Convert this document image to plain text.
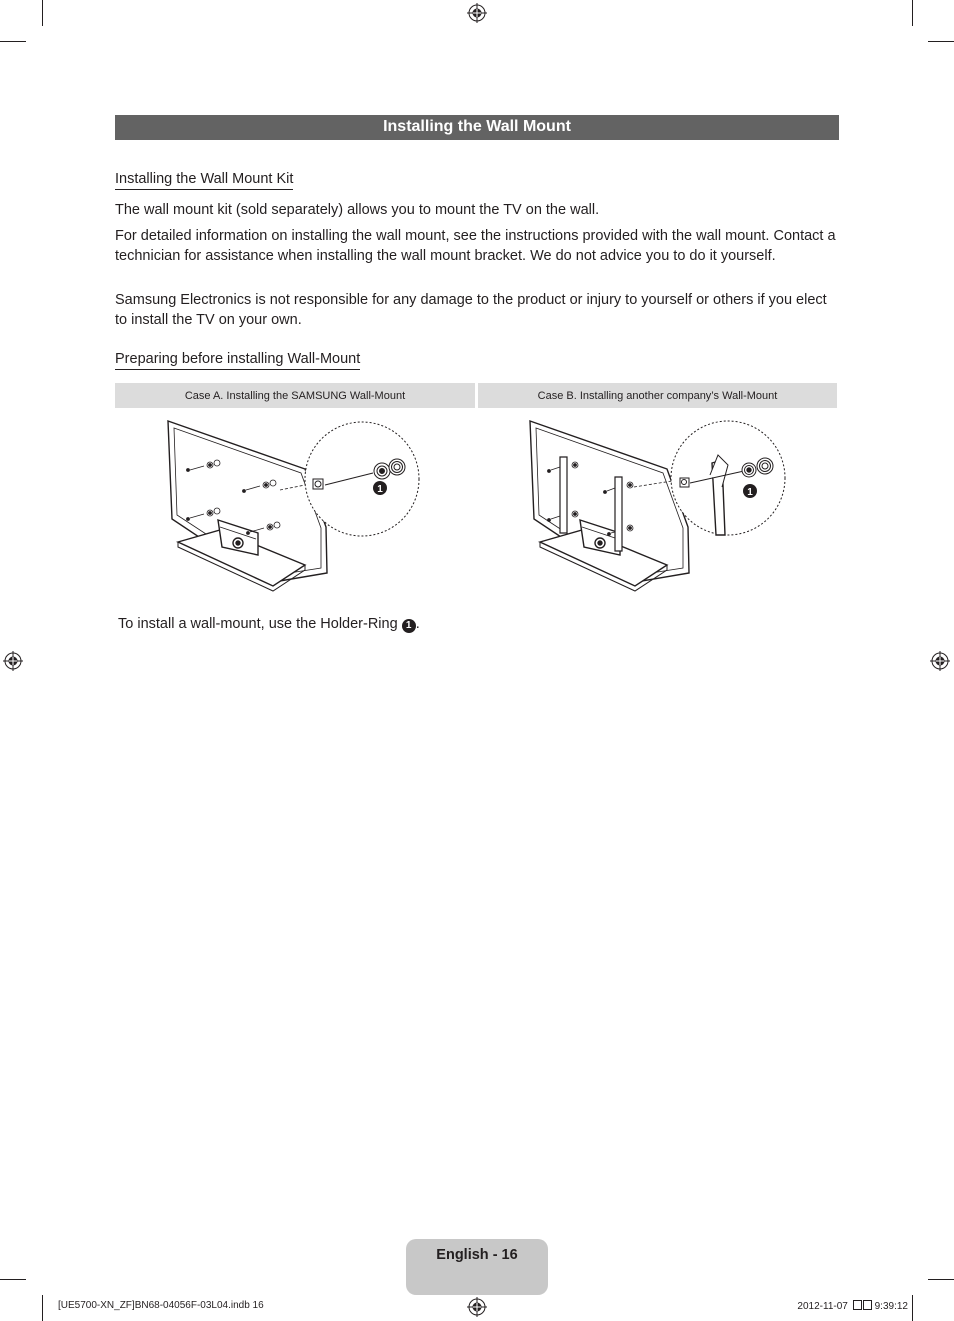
Installing the Wall Mount
Installing the Wall Mount Kit
The wall mount kit (sold separately) allows you to mount the TV on the wall.
For detailed information on installing the wall mount, see the instructions provided with the wall mount. Contact a technician for assistance when installing the wall mount bracket. We do not advice you to do it yourself.
Samsung Electronics is not responsible for any damage to the product or injury to yourself or others if you elect to install the TV on your own.
Preparing before installing Wall-Mount
Case A. Installing the SAMSUNG Wall-Mount	Case B. Installing another company’s Wall-Mount
1	1
To install a wall-mount, use the Holder-Ring 1 .
English - 16
[UE5700-XN_ZF]BN68-04056F-03L04.indb 16	2012-11-07 9:39:12
